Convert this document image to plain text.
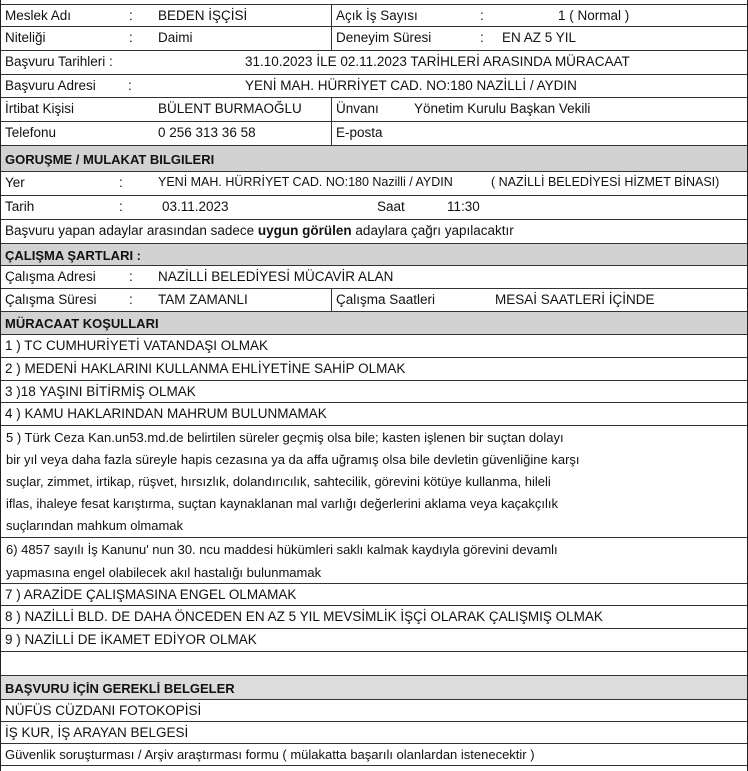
Meslek Adı	: BEDEN İŞÇİSİ	Açık İş Sayısı	:	1 ( Normal )
Niteliği	: Daimi	Deneyim Süresi	: EN AZ 5 YIL
Başvuru Tarihleri :	31.10.2023 İLE 02.11.2023 TARİHLERİ ARASINDA MÜRACAAT
Başvuru Adresi :	YENİ MAH. HÜRRİYET CAD. NO:180 NAZİLLİ / AYDIN
İrtibat Kişisi	BÜLENT BURMAOĞLU	Ünvanı	Yönetim Kurulu Başkan Vekili
Telefonu	0 256 313 36 58	E-posta
GORUŞME / MULAKAT BILGILERI
Yer	:	YENİ MAH. HÜRRİYET CAD. NO:180 Nazilli / AYDIN	( NAZİLLİ BELEDİYESİ HİZMET BİNASI)
Tarih	:	03.11.2023	Saat	11:30
Başvuru yapan adaylar arasından sadece uygun görülen adaylara çağrı yapılacaktır
ÇALIŞMA ŞARTLARI :
Çalışma Adresi : NAZİLLİ BELEDİYESİ MÜCAVİR ALAN
Çalışma Süresi : TAM ZAMANLI	Çalışma Saatleri	MESAİ SAATLERİ İÇİNDE
MÜRACAAT KOŞULLARI
1 ) TC CUMHURİYETİ VATANDAŞI OLMAK
2 ) MEDENİ HAKLARINI KULLANMA EHLİYETİNE SAHİP OLMAK
3 )18 YAŞINI BİTİRMİŞ OLMAK
4 ) KAMU HAKLARINDAN MAHRUM BULUNMAMAK
5 ) Türk Ceza Kan.un53.md.de belirtilen süreler geçmiş olsa bile; kasten işlenen bir suçtan dolayı
bir yıl veya daha fazla süreyle hapis cezasına ya da affa uğramış olsa bile devletin güvenliğine karşı
suçlar, zimmet, irtikap, rüşvet, hırsızlık, dolandırıcılık, sahtecilik, görevini kötüye kullanma, hileli
iflas, ihaleye fesat karıştırma, suçtan kaynaklanan mal varlığı değerlerini aklama veya kaçakçılık
suçlarından mahkum olmamak
6) 4857 sayılı İş Kanunu' nun 30. ncu maddesi hükümleri saklı kalmak kaydıyla görevini devamlı
yapmasına engel olabilecek akıl hastalığı bulunmamak
7 ) ARAZİDE ÇALIŞMASINA ENGEL OLMAMAK
8 ) NAZİLLİ BLD. DE DAHA ÖNCEDEN EN AZ 5 YIL MEVSİMLİK İŞÇİ OLARAK ÇALIŞMIŞ OLMAK
9 ) NAZİLLİ DE İKAMET EDİYOR OLMAK
BAŞVURU İÇİN GEREKLİ BELGELER
NÜFÜS CÜZDANI FOTOKOPİSİ
İŞ KUR, İŞ ARAYAN BELGESİ
Güvenlik soruşturması / Arşiv araştırması formu ( mülakatta başarılı olanlardan istenecektir )
